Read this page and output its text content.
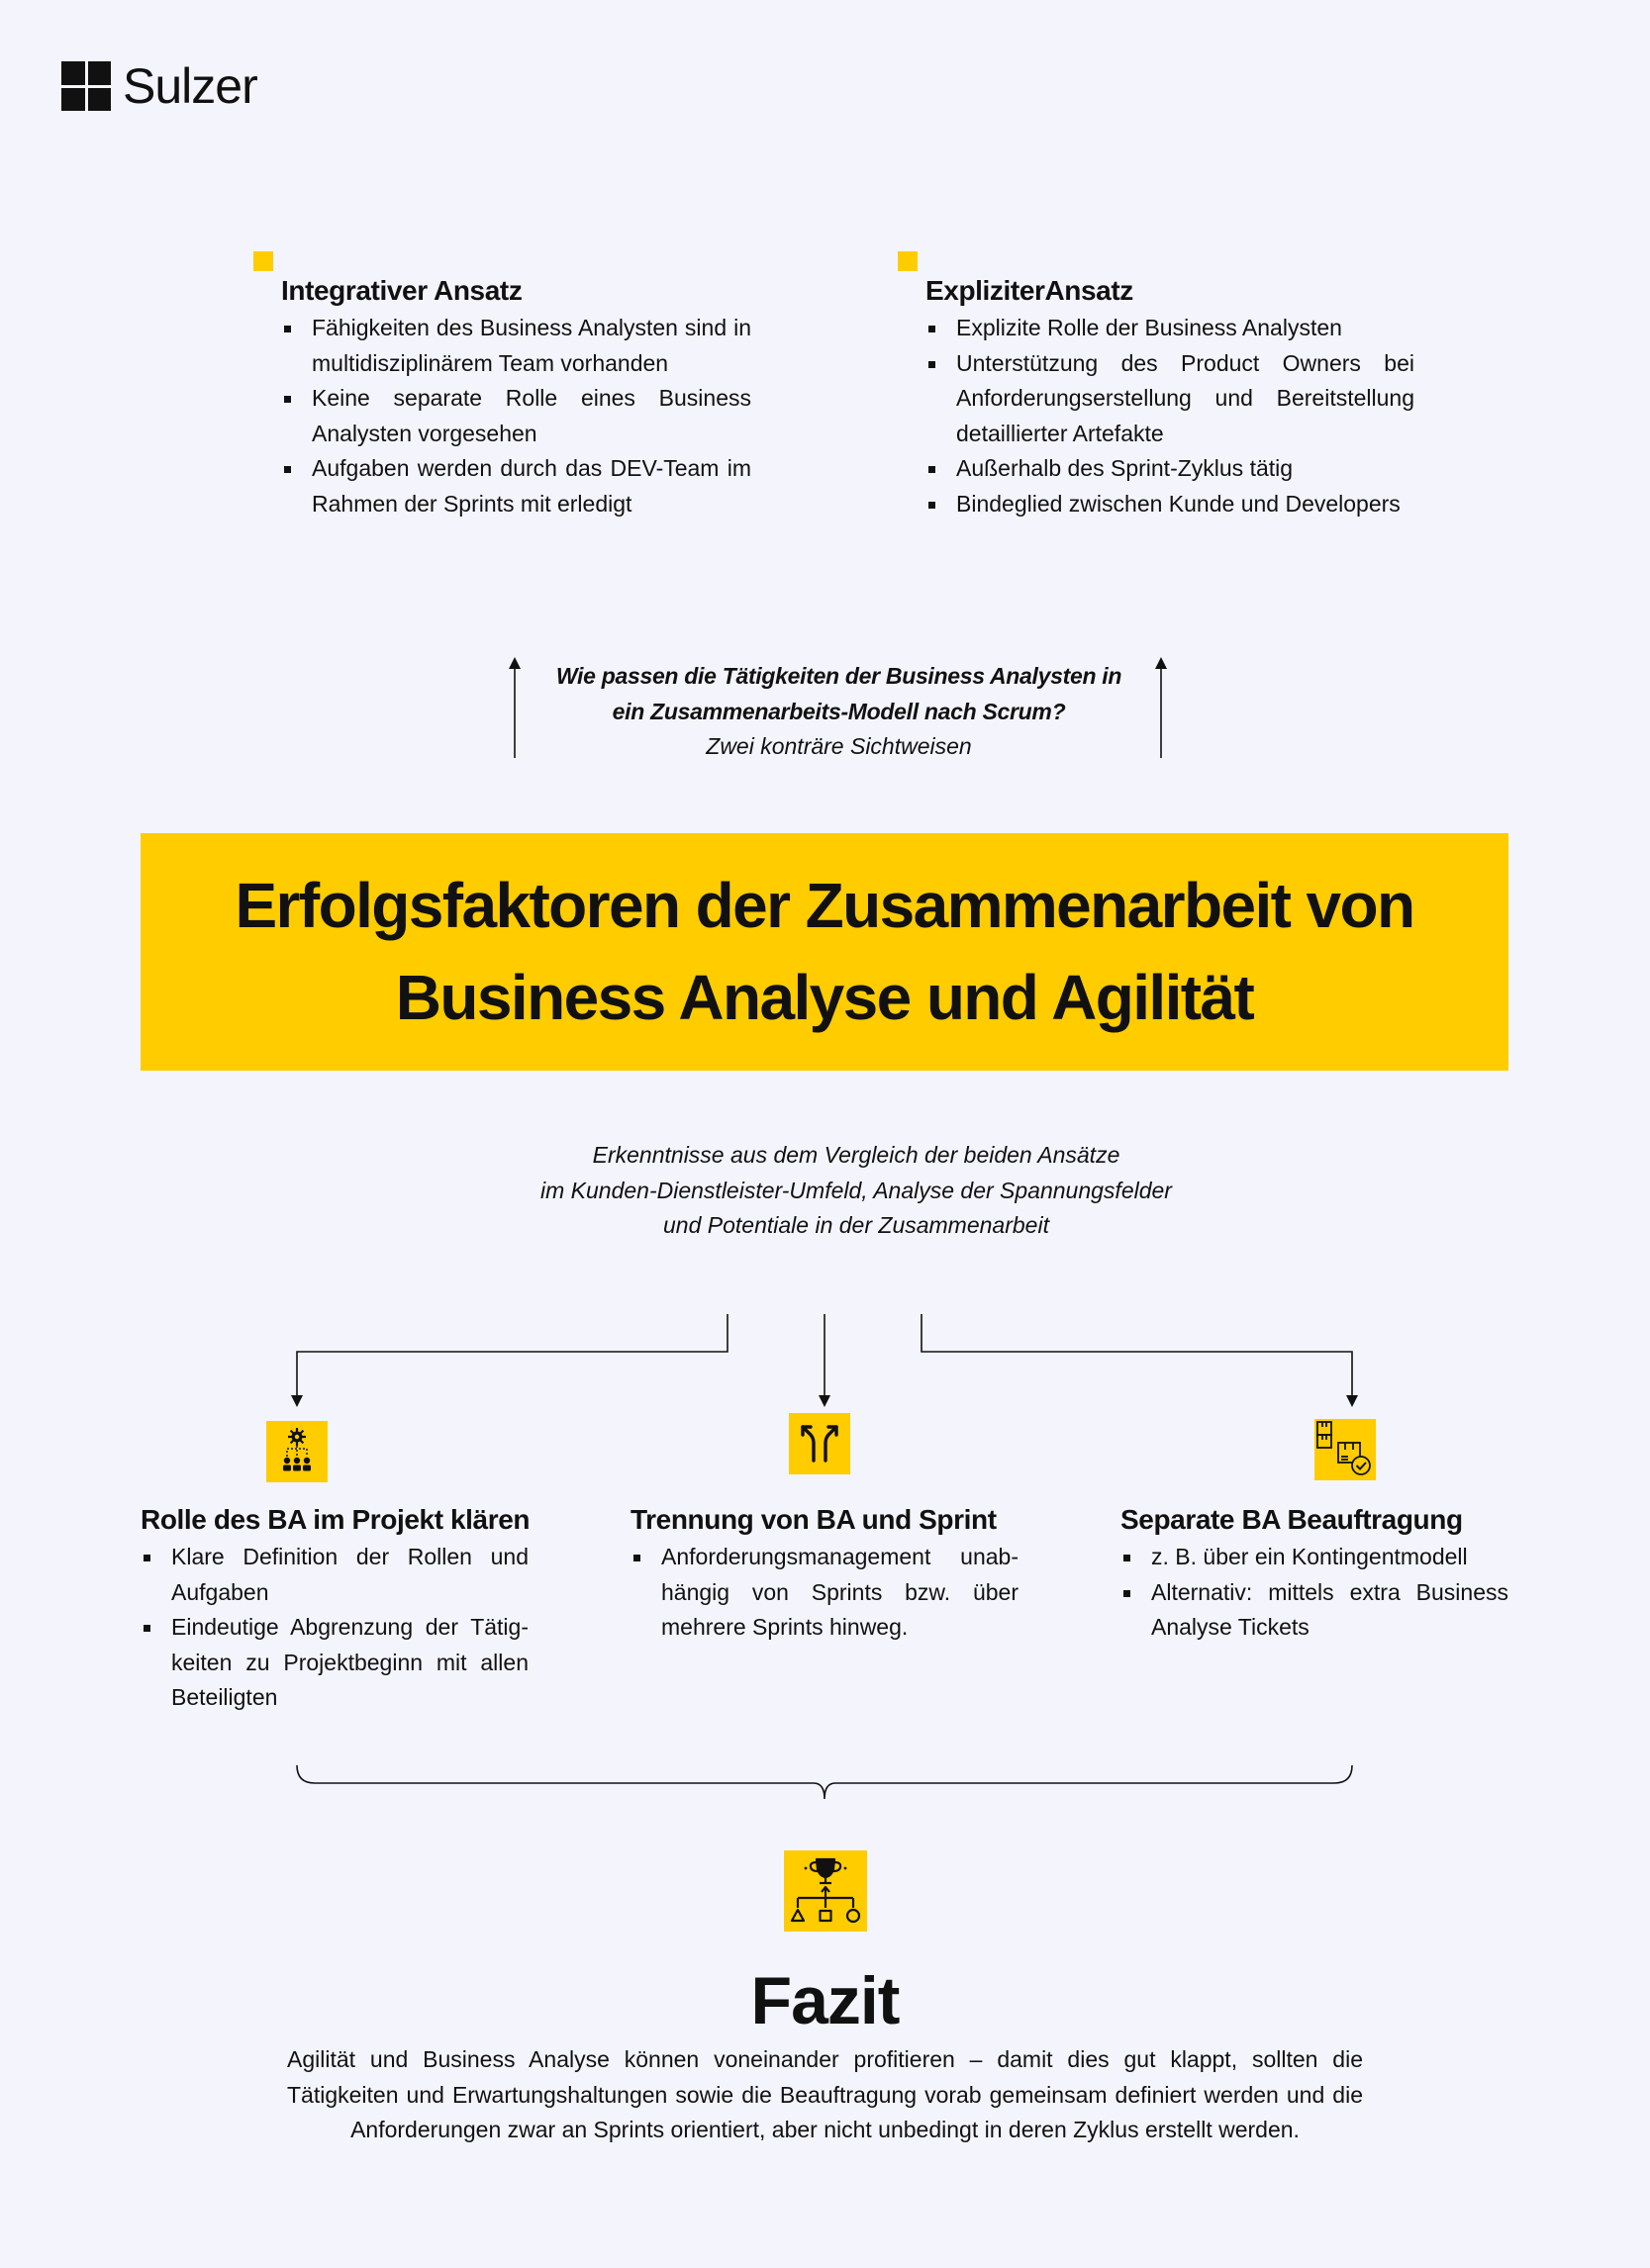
Sulzer
Integrativer Ansatz
Fähigkeiten des Business Analysten sind in multidisziplinärem Team vorhanden
Keine separate Rolle eines Business Analysten vorgesehen
Aufgaben werden durch das DEV-Team im Rahmen der Sprints mit erledigt
ExpliziterAnsatz
Explizite Rolle der Business Analysten
Unterstützung des Product Owners bei Anforderungserstellung und Bereitstellung detaillierter Artefakte
Außerhalb des Sprint-Zyklus tätig
Bindeglied zwischen Kunde und Developers
Wie passen die Tätigkeiten der Business Analysten in
ein Zusammenarbeits-Modell nach Scrum?
Zwei konträre Sichtweisen
Erfolgsfaktoren der Zusammenarbeit von
Business Analyse und Agilität
Erkenntnisse aus dem Vergleich der beiden Ansätze
im Kunden-Dienstleister-Umfeld, Analyse der Spannungsfelder
und Potentiale in der Zusammenarbeit
Rolle des BA im Projekt klären
Klare Definition der Rollen und Aufgaben
Eindeutige Abgrenzung der Tätig-keiten zu Projektbeginn mit allen Beteiligten
Trennung von BA und Sprint
Anforderungsmanagement unab-hängig von Sprints bzw. über mehrere Sprints hinweg.
Separate BA Beauftragung
z. B. über ein Kontingentmodell
Alternativ: mittels extra Business Analyse Tickets
Fazit

Agilität und Business Analyse können voneinander profitieren – damit dies gut klappt, sollten die Tätigkeiten und Erwartungshaltungen sowie die Beauftragung vorab gemeinsam definiert werden und die Anforderungen zwar an Sprints orientiert, aber nicht unbedingt in deren Zyklus erstellt werden.
